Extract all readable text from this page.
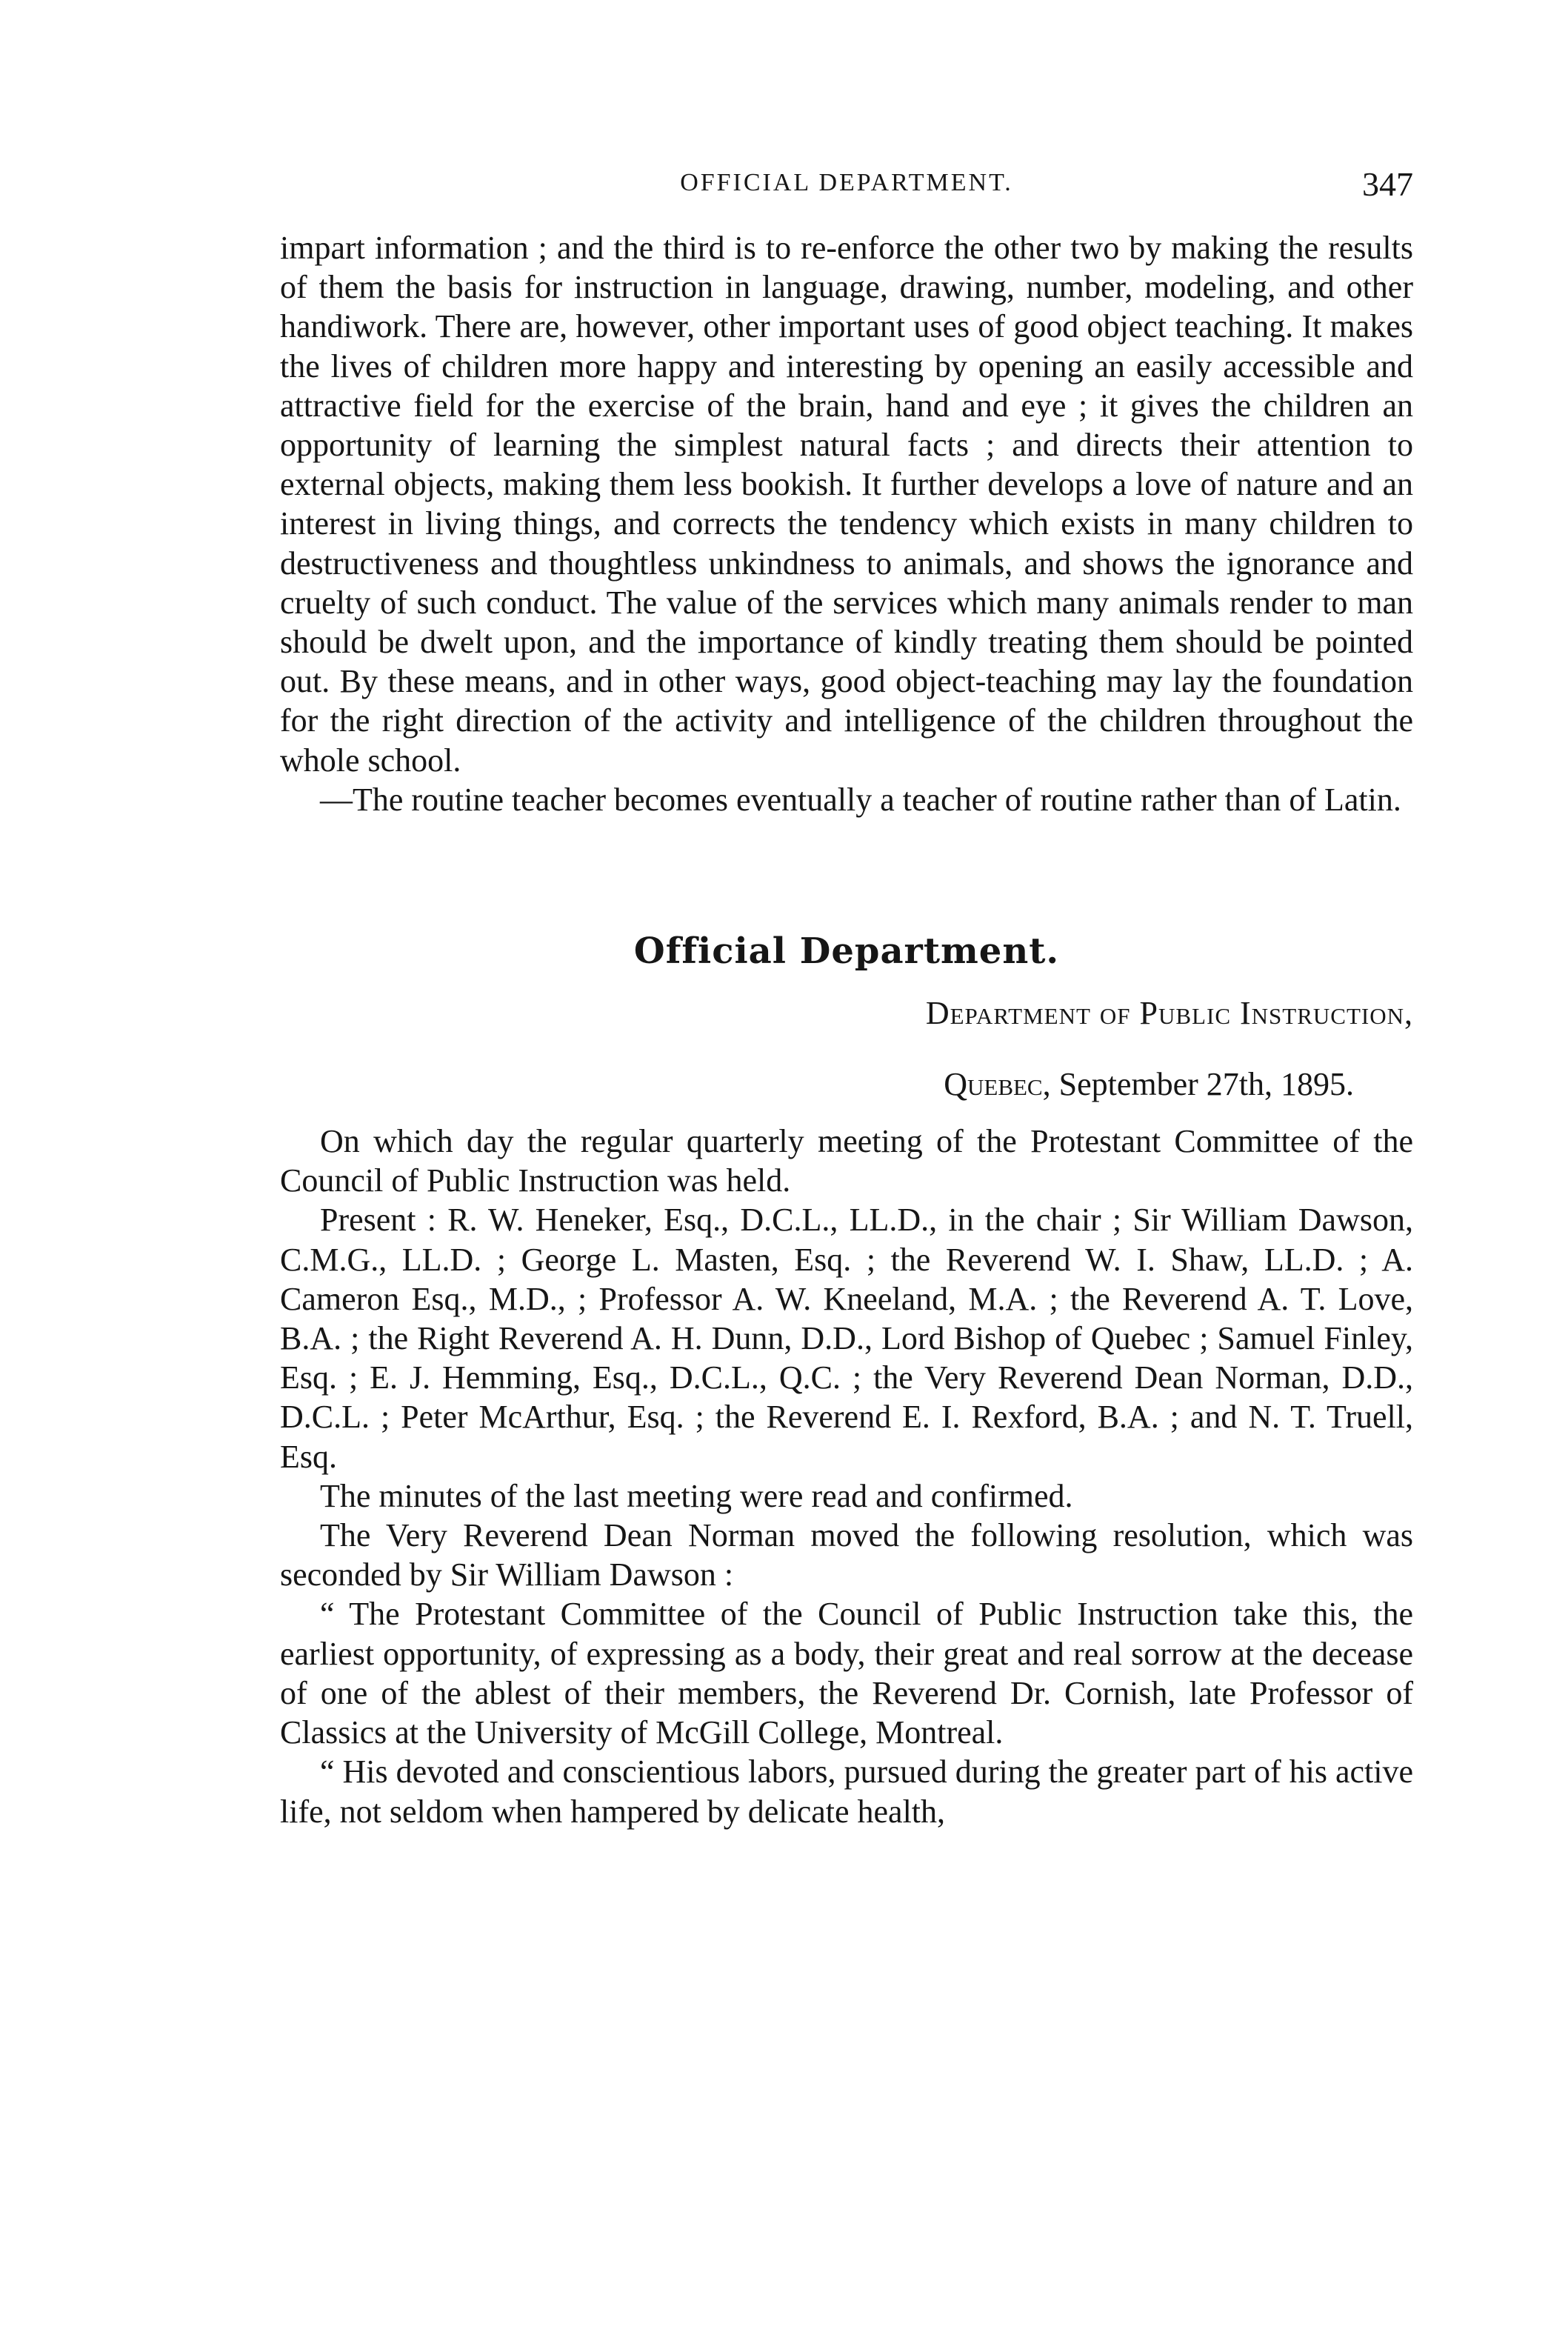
OFFICIAL DEPARTMENT.	347

impart information ; and the third is to re-enforce the other two by making the results of them the basis for instruction in language, drawing, number, modeling, and other handiwork. There are, however, other important uses of good object teaching. It makes the lives of children more happy and interesting by opening an easily accessible and attractive field for the exercise of the brain, hand and eye ; it gives the children an opportunity of learning the simplest natural facts ; and directs their attention to external objects, making them less bookish. It further develops a love of nature and an interest in living things, and corrects the tendency which exists in many children to destructiveness and thoughtless unkindness to animals, and shows the ignorance and cruelty of such conduct. The value of the services which many animals render to man should be dwelt upon, and the importance of kindly treating them should be pointed out. By these means, and in other ways, good object-teaching may lay the foundation for the right direction of the activity and intelligence of the children throughout the whole school.

—The routine teacher becomes eventually a teacher of routine rather than of Latin.

Official Department.
Department of Public Instruction,
Quebec, September 27th, 1895.

On which day the regular quarterly meeting of the Protestant Committee of the Council of Public Instruction was held.

Present : R. W. Heneker, Esq., D.C.L., LL.D., in the chair ; Sir William Dawson, C.M.G., LL.D. ; George L. Masten, Esq. ; the Reverend W. I. Shaw, LL.D. ; A. Cameron Esq., M.D., ; Professor A. W. Kneeland, M.A. ; the Reverend A. T. Love, B.A. ; the Right Reverend A. H. Dunn, D.D., Lord Bishop of Quebec ; Samuel Finley, Esq. ; E. J. Hemming, Esq., D.C.L., Q.C. ; the Very Reverend Dean Norman, D.D., D.C.L. ; Peter McArthur, Esq. ; the Reverend E. I. Rexford, B.A. ; and N. T. Truell, Esq.

The minutes of the last meeting were read and confirmed.

The Very Reverend Dean Norman moved the following resolution, which was seconded by Sir William Dawson :

“ The Protestant Committee of the Council of Public Instruction take this, the earliest opportunity, of expressing as a body, their great and real sorrow at the decease of one of the ablest of their members, the Reverend Dr. Cornish, late Professor of Classics at the University of McGill College, Montreal.

“ His devoted and conscientious labors, pursued during the greater part of his active life, not seldom when hampered by delicate health,
